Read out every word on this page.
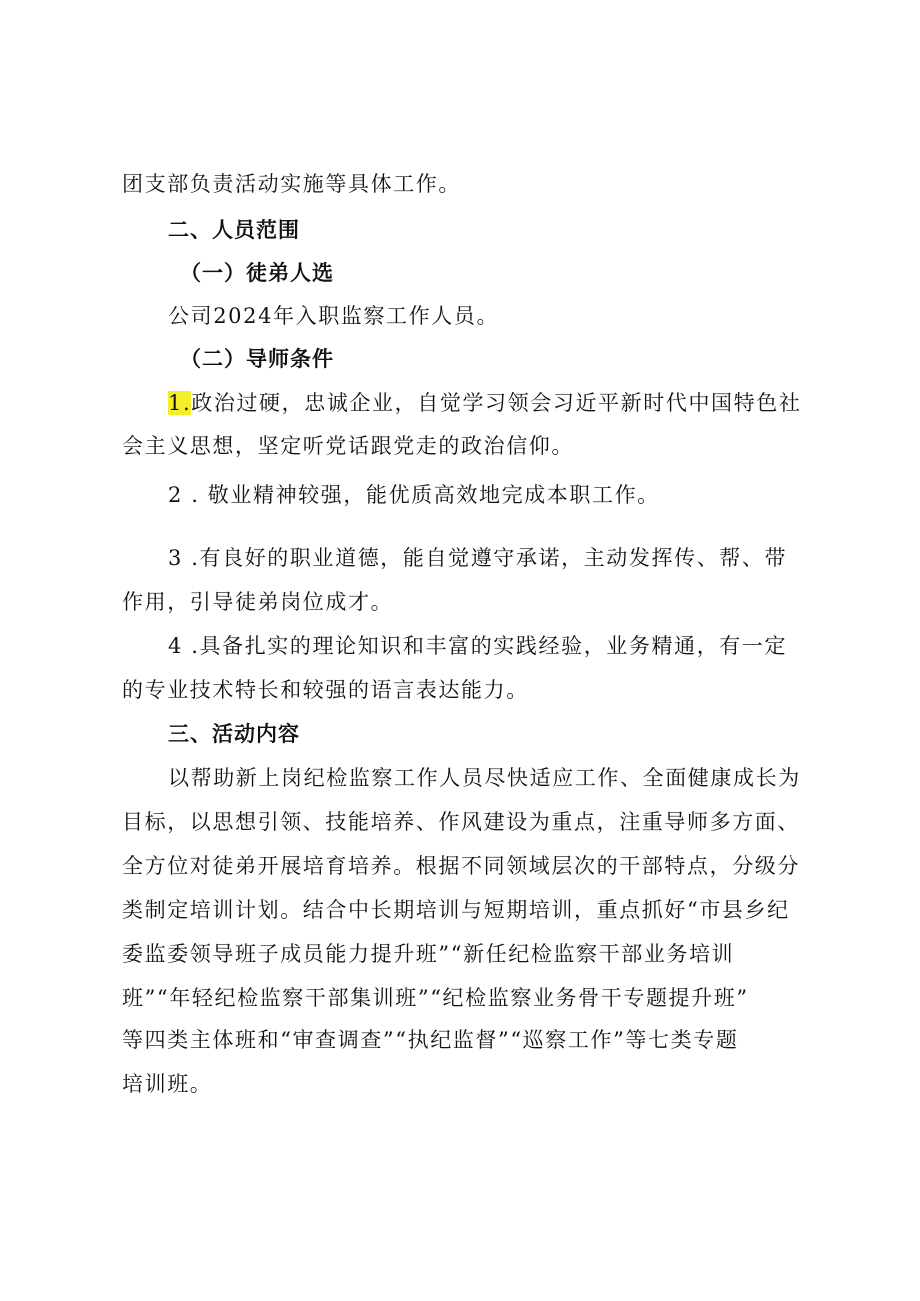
团支部负责活动实施等具体工作。
二、人员范围
（一）徒弟人选
公司2024年入职监察工作人员。
（二）导师条件
1.政治过硬，忠诚企业，自觉学习领会习近平新时代中国特色社
会主义思想，坚定听党话跟党走的政治信仰。
2 . 敬业精神较强，能优质高效地完成本职工作。
3 .有良好的职业道德，能自觉遵守承诺，主动发挥传、帮、带
作用，引导徒弟岗位成才。
4 .具备扎实的理论知识和丰富的实践经验，业务精通，有一定
的专业技术特长和较强的语言表达能力。
三、活动内容
以帮助新上岗纪检监察工作人员尽快适应工作、全面健康成长为
目标，以思想引领、技能培养、作风建设为重点，注重导师多方面、
全方位对徒弟开展培育培养。根据不同领域层次的干部特点，分级分
类制定培训计划。结合中长期培训与短期培训，重点抓好“市县乡纪
委监委领导班子成员能力提升班”“新任纪检监察干部业务培训
班”“年轻纪检监察干部集训班”“纪检监察业务骨干专题提升班”
等四类主体班和“审查调查”“执纪监督”“巡察工作”等七类专题
培训班。
